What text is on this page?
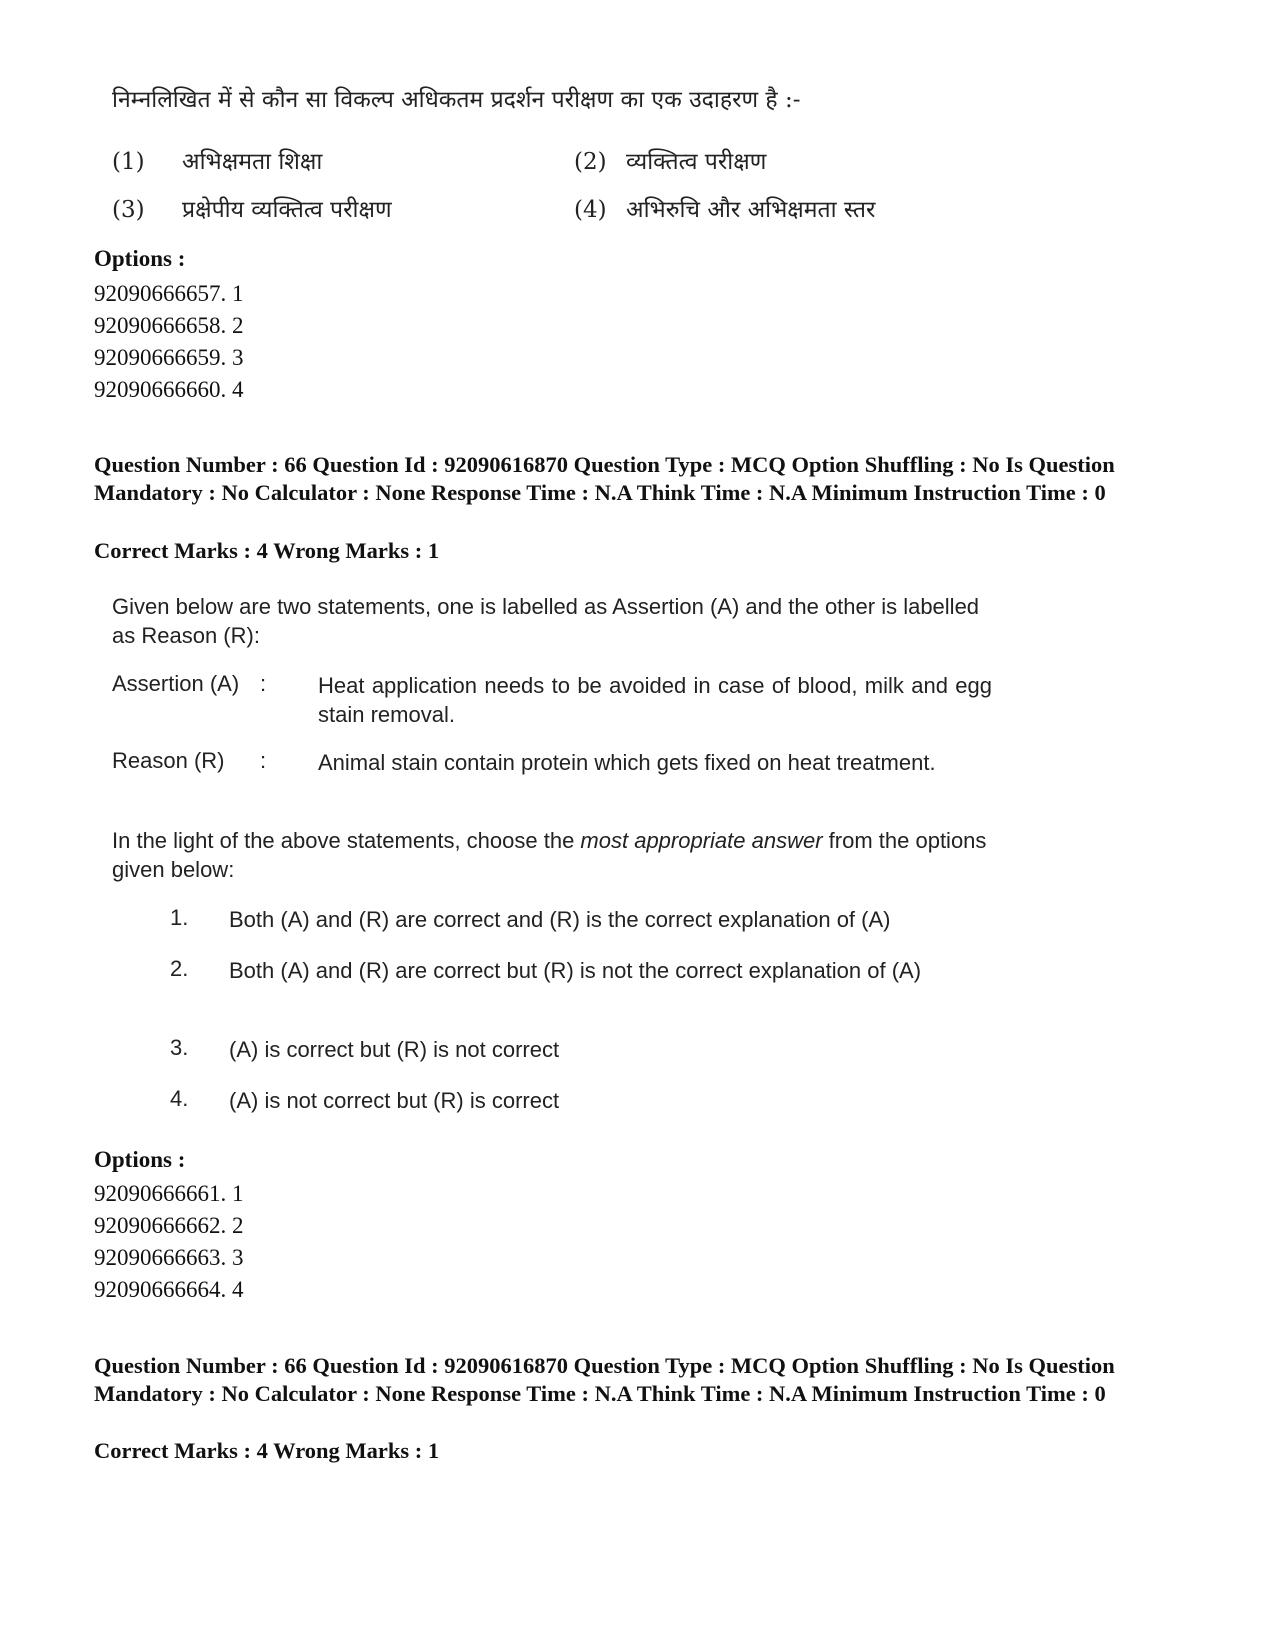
निम्नलिखित में से कौन सा विकल्प अधिकतम प्रदर्शन परीक्षण का एक उदाहरण है :-
(1) अभिक्षमता शिक्षा	(2) व्यक्तित्व परीक्षण
(3) प्रक्षेपीय व्यक्तित्व परीक्षण	(4) अभिरुचि और अभिक्षमता स्तर
Options :
92090666657. 1
92090666658. 2
92090666659. 3
92090666660. 4
Question Number : 66 Question Id : 92090616870 Question Type : MCQ Option Shuffling : No Is Question Mandatory : No Calculator : None Response Time : N.A Think Time : N.A Minimum Instruction Time : 0
Correct Marks : 4 Wrong Marks : 1
Given below are two statements, one is labelled as Assertion (A) and the other is labelled as Reason (R):
Assertion (A) : Heat application needs to be avoided in case of blood, milk and egg stain removal.
Reason (R) : Animal stain contain protein which gets fixed on heat treatment.
In the light of the above statements, choose the most appropriate answer from the options given below:
1. Both (A) and (R) are correct and (R) is the correct explanation of (A)
2. Both (A) and (R) are correct but (R) is not the correct explanation of (A)
3. (A) is correct but (R) is not correct
4. (A) is not correct but (R) is correct
Options :
92090666661. 1
92090666662. 2
92090666663. 3
92090666664. 4
Question Number : 66 Question Id : 92090616870 Question Type : MCQ Option Shuffling : No Is Question Mandatory : No Calculator : None Response Time : N.A Think Time : N.A Minimum Instruction Time : 0
Correct Marks : 4 Wrong Marks : 1
